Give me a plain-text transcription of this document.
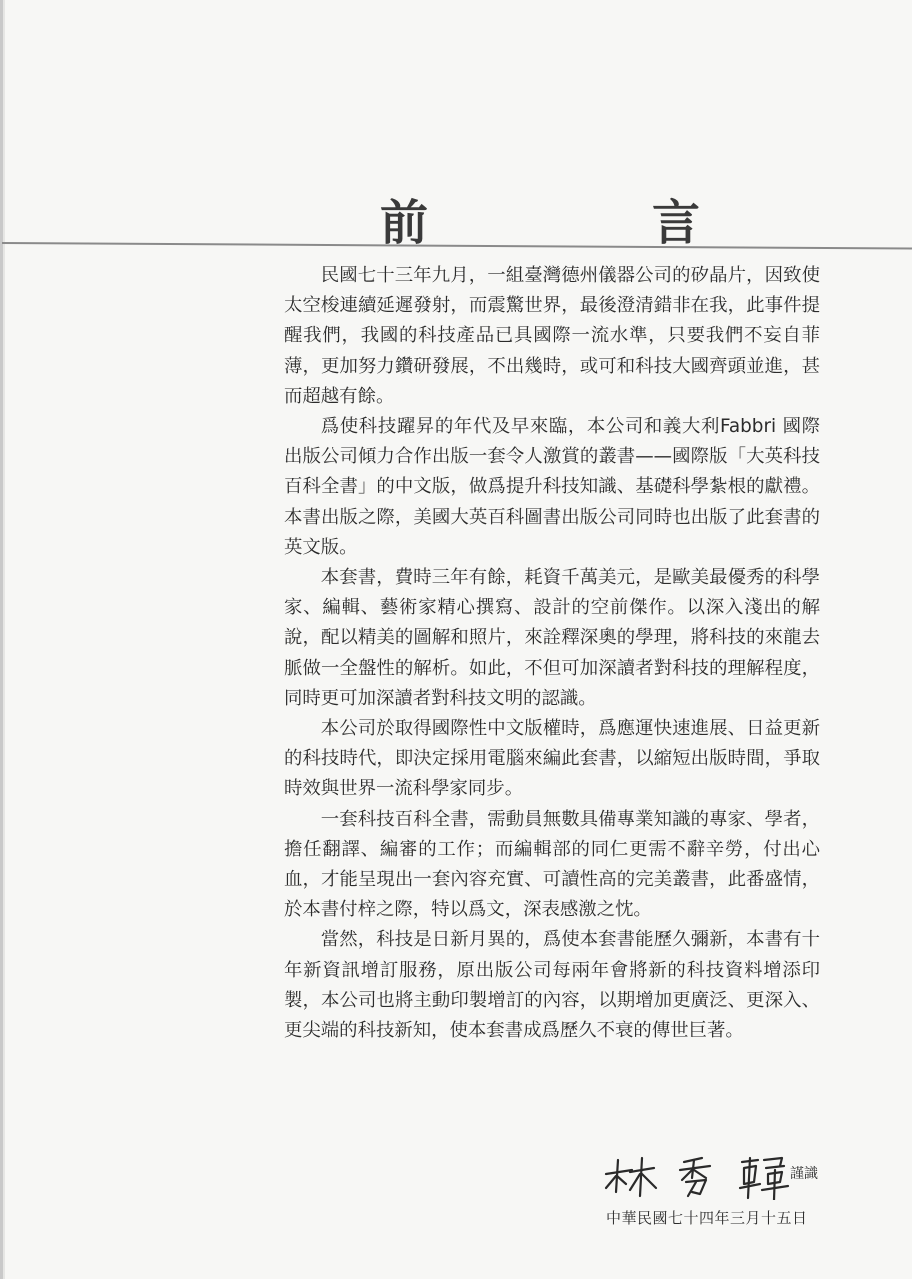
前	言

民國七十三年九月，一組臺灣德州儀器公司的矽晶片，因致使太空梭連續延遲發射，而震驚世界，最後澄清錯非在我，此事件提醒我們，我國的科技產品已具國際一流水準，只要我們不妄自菲薄，更加努力鑽研發展，不出幾時，或可和科技大國齊頭並進，甚而超越有餘。

爲使科技躍昇的年代及早來臨，本公司和義大利Fabbri 國際出版公司傾力合作出版一套令人激賞的叢書——國際版「大英科技百科全書」的中文版，做爲提升科技知識、基礎科學紮根的獻禮。本書出版之際，美國大英百科圖書出版公司同時也出版了此套書的英文版。

本套書，費時三年有餘，耗資千萬美元，是歐美最優秀的科學家、編輯、藝術家精心撰寫、設計的空前傑作。以深入淺出的解說，配以精美的圖解和照片，來詮釋深奧的學理，將科技的來龍去脈做一全盤性的解析。如此，不但可加深讀者對科技的理解程度，同時更可加深讀者對科技文明的認識。

本公司於取得國際性中文版權時，爲應運快速進展、日益更新的科技時代，即決定採用電腦來編此套書，以縮短出版時間，爭取時效與世界一流科學家同步。

一套科技百科全書，需動員無數具備專業知識的專家、學者，擔任翻譯、編審的工作；而編輯部的同仁更需不辭辛勞，付出心血，才能呈現出一套內容充實、可讀性高的完美叢書，此番盛情，於本書付梓之際，特以爲文，深表感激之忱。

當然，科技是日新月異的，爲使本套書能歷久彌新，本書有十年新資訊增訂服務，原出版公司每兩年會將新的科技資料增添印製，本公司也將主動印製增訂的內容，以期增加更廣泛、更深入、更尖端的科技新知，使本套書成爲歷久不衰的傳世巨著。

謹識
中華民國七十四年三月十五日
